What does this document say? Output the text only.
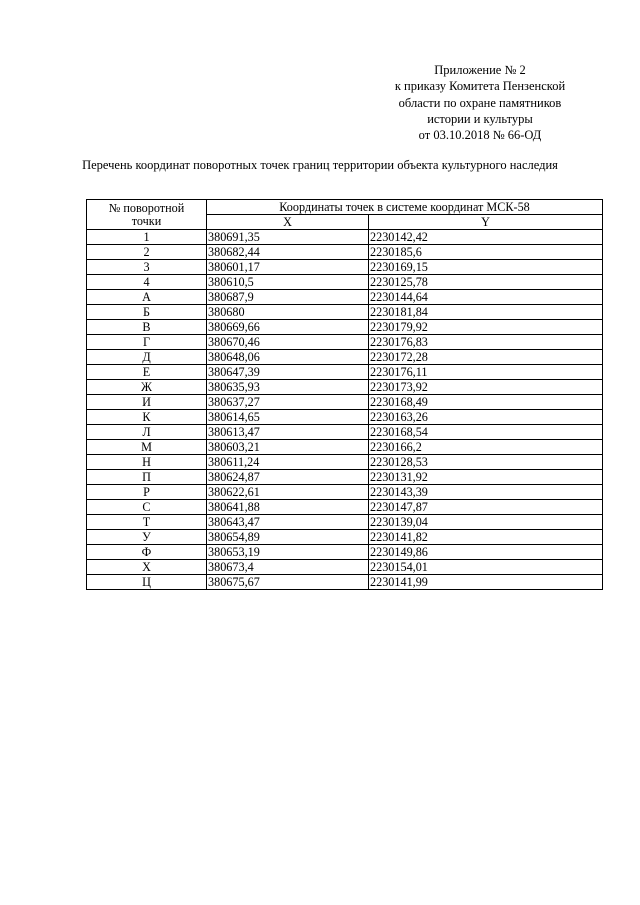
Приложение № 2
к приказу Комитета Пензенской
области по охране памятников
истории и культуры
от 03.10.2018 № 66-ОД
Перечень координат поворотных точек границ территории объекта культурного наследия
№ поворотной
точки	Координаты точек в системе координат МСК-58	
	X	Y
1	380691,35	2230142,42
2	380682,44	2230185,6
3	380601,17	2230169,15
4	380610,5	2230125,78
А	380687,9	2230144,64
Б	380680	2230181,84
В	380669,66	2230179,92
Г	380670,46	2230176,83
Д	380648,06	2230172,28
Е	380647,39	2230176,11
Ж	380635,93	2230173,92
И	380637,27	2230168,49
К	380614,65	2230163,26
Л	380613,47	2230168,54
М	380603,21	2230166,2
Н	380611,24	2230128,53
П	380624,87	2230131,92
Р	380622,61	2230143,39
С	380641,88	2230147,87
Т	380643,47	2230139,04
У	380654,89	2230141,82
Ф	380653,19	2230149,86
Х	380673,4	2230154,01
Ц	380675,67	2230141,99
